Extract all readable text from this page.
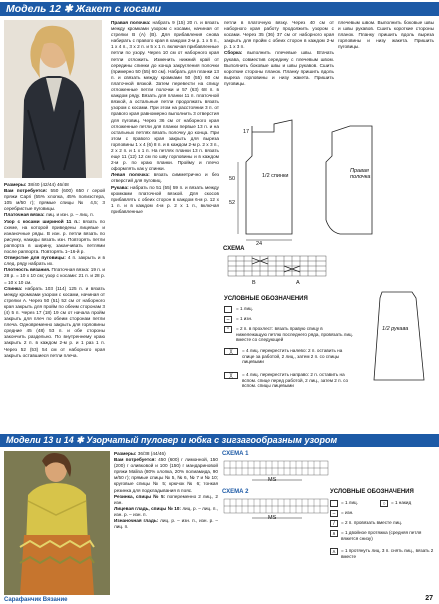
Модель 12 ✱ Жакет с косами
Размеры: 38/40 (42/44) 46/48
Вам потребуется: 550 (600) 650 г серой пряжи Capri (55% хлопка, 45% полиэстера, 105 м/50 г); прямые спицы № 4,5; 3 серебристые пуговицы.
Платочная вязка: лиц. и изн. р. – лиц. п.
Узор с косами шириной 11 п.: вязать по схеме, на которой приведены лицевые и изнаночные ряды. В изн. р. петли вязать по рисунку, накиды вязать изн. Повторять петли раппорта в ширину, заканчивать петлями после раппорта. Повторять 1–16-й р.
Отверстие для пуговицы: 4 п. закрыть и в след. ряду набрать их.
Плотность вязания. Платочная вязка: 19 п. и 28 р. = 10 х 10 см; узор с косами: 21 п. и 28 р. = 10 х 10 см.
Спинка: набрать 103 (114) 125 п. и вязать между кромками узором с косами, начиная от стрелки А. Через 50 (51) 52 см от наборного края закрыть для пройм по обеим сторонам 3 (4) 5 п. Через 17 (18) 19 см от начала пройм закрыть для плеч по обеим сторонам петли плеча. Одновременно закрыть для горловины средние 45 (48) 53 п. и обе стороны закончить раздельно. По внутреннему краю закрыть 2 п. в каждом 2-м р. и 1 раз 1 п. Через 52 (53) 54 см от наборного края закрыть оставшиеся петли плеча.
Правая полочка: набрать 9 (15) 20 п. и вязать между кромками узором с косами, начиная от стрелки B (A) (B). Для прибавления снова набирать с правого края в каждом 2-м р. 1 x 5 п., 1 x 4 п., 3 x 2 п. и 5 x 1 п. включая прибавленные петли по узору. Через 10 см от наборного края петли отложить. Изменить нижний край от середины спинки до конца закругления полочки (примерно 50 (55) 60 см). Набрать для планки 13 п. и связать между кромками 50 (55) 60 см платочной вязкой. Затем перевести на спицу отложенные петли полочки и 57 (63) 68 п. в каждом ряду. Вязать для планки 11 п. платочной вязкой, а остальные петли продолжать вязать узором с косами. При этом на расстоянии 3 п. от правого края равномерно выполнить 3 отверстия для пуговиц. Через 36 см от наборного края отложенные петли для планки первые 13 п. и на остальных петлях вязать полочку до конца. При этом с правого края закрыть для выреза горловины 1 x 4 (6) 8 п. и в каждом 2-м р. 2 x 3 п., 2 x 2 п. и 1 x 1 п. На петлях планки 13 п. вязать еще 11 (12) 12 см по шву горловины и в каждом 2-м р. по краю планки. Пройму и плечо оформлять как у спинки.
Левая полочка: вязать симметрично и без отверстий для пуговиц.
Рукава: набрать по 51 (55) 59 п. и вязать между кромками платочной вязкой. Для скосов прибавлять с обеих сторон в каждом 6-м р. 12 x 1 п. и в каждом 4-м р. 2 x 1 п., включая прибавленные
петли в платочную вязку. Через 40 см от наборного края работу продолжить узором с косами. Через 35 (36) 37 см от наборного края закрыть для пройм с обеих сторон в каждом 2-м р. 1 x 3 п.
Сборка: выполнить плечевые швы. Втачать рукава, совместив середину с плечевым швом. Выполнить боковые швы и швы рукавов. Сшить короткие стороны планок. Планку пришить вдоль выреза горловины и низу жакета. Пришить пуговицы.
плечевым швом. Выполнить боковые швы и швы рукавов. Сшить короткие стороны планок. Планку пришить вдоль выреза горловины и низу жакета. Пришить пуговицы.
1/2 спинки
Правая полочка
50
24
17
52
СХЕМА
B	A
1/2 рукава
УСЛОВНЫЕ ОБОЗНАЧЕНИЯ
= 1 лиц.
–	= 1 изн.
⌃	= 2 п. в прохлест: вязать правую спицу в нижележащую петлю последнего ряда, провязать лиц. вместе со следующей
╳	= 4 лиц. перекрестить налево: 2 п. оставить на спице за работой, 2 лиц., затем 2 п. со спицы лицевыми
╳	= 4 лиц. перекрестить направо: 2 п. оставить на вспом. спице перед работой, 2 лиц., затем 2 п. со вспом. спицы лицевыми
Модели 13 и 14 ✱ Узорчатый пуловер и юбка с зигзагообразным узором
Размеры: 36/38 (44/46)
Вам потребуется: 450 (600) г лимонной, 150 (200) г оливковой и 100 (150) г мандариновой пряжи Malina (80% хлопка, 20% полиамида, 90 м/50 г); прямые спицы № 5, № 6, № 7 и № 10; круговые спицы № 5; крючок № 6; тонкая резинка для подкладывания в пояс.
Резинка, спицы № 5: попеременно 2 лиц., 2 изн.
Лицевая гладь, спицы № 10: лиц. р. – лиц. п., изн. р. – изн. п.
Изнаночная гладь: лиц. р. – изн. п., изн. р. – лиц. п.
СХЕМА 1
MS
СХЕМА 2
MS
УСЛОВНЫЕ ОБОЗНАЧЕНИЯ
= 1 лиц.	○	= 1 накид
–	= изн.
/	= 2 п. провязать вместе лиц.
∧	= 1 двойное протяжка (средняя петля вяжется снизу)
⋏	= 1 протянуть лиц. 3 п. снять лиц., вязать 2 вместе
Сарафанчик Вязание	27
